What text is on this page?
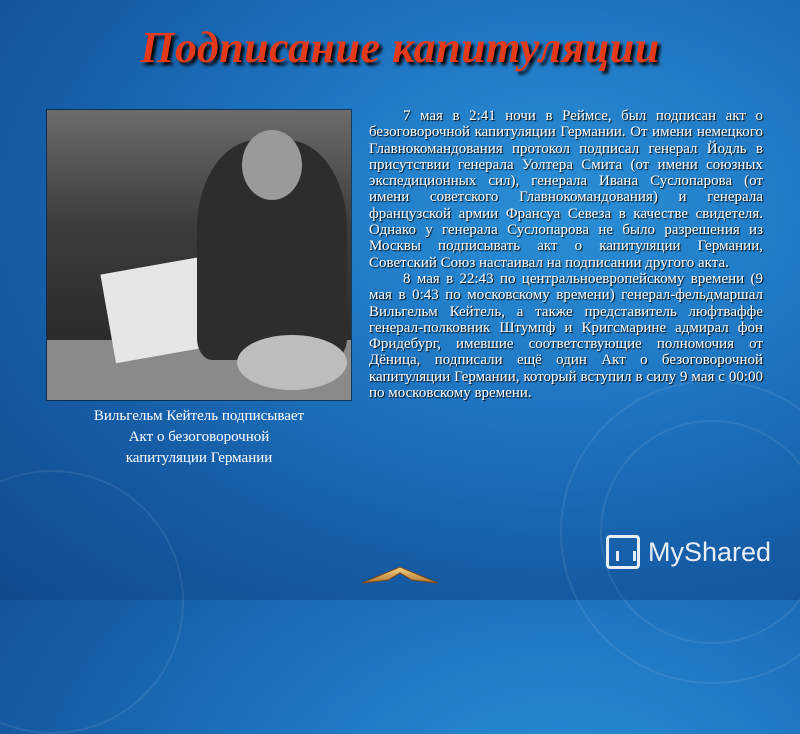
Подписание капитуляции
Вильгельм Кейтель подписывает
Акт о безоговорочной
капитуляции Германии

7 мая в 2:41 ночи в Реймсе, был подписан акт о безоговорочной капитуляции Германии. От имени немецкого Главнокомандования протокол подписал генерал Йодль в присутствии генерала Уолтера Смита (от имени союзных экспедиционных сил), генерала Ивана Суслопарова (от имени советского Главнокомандования) и генерала французской армии Франсуа Севеза в качестве свидетеля. Однако у генерала Суслопарова не было разрешения из Москвы подписывать акт о капитуляции Германии, Советский Союз настаивал на подписании другого акта.

8 мая в 22:43 по центральноевропейскому времени (9 мая в 0:43 по московскому времени) генерал-фельдмаршал Вильгельм Кейтель, а также представитель люфтваффе генерал-полковник Штумпф и Кригсмарине адмирал фон Фридебург, имевшие соответствующие полномочия от Дёница, подписали ещё один Акт о безоговорочной капитуляции Германии, который вступил в силу 9 мая с 00:00 по московскому времени.

MyShared
